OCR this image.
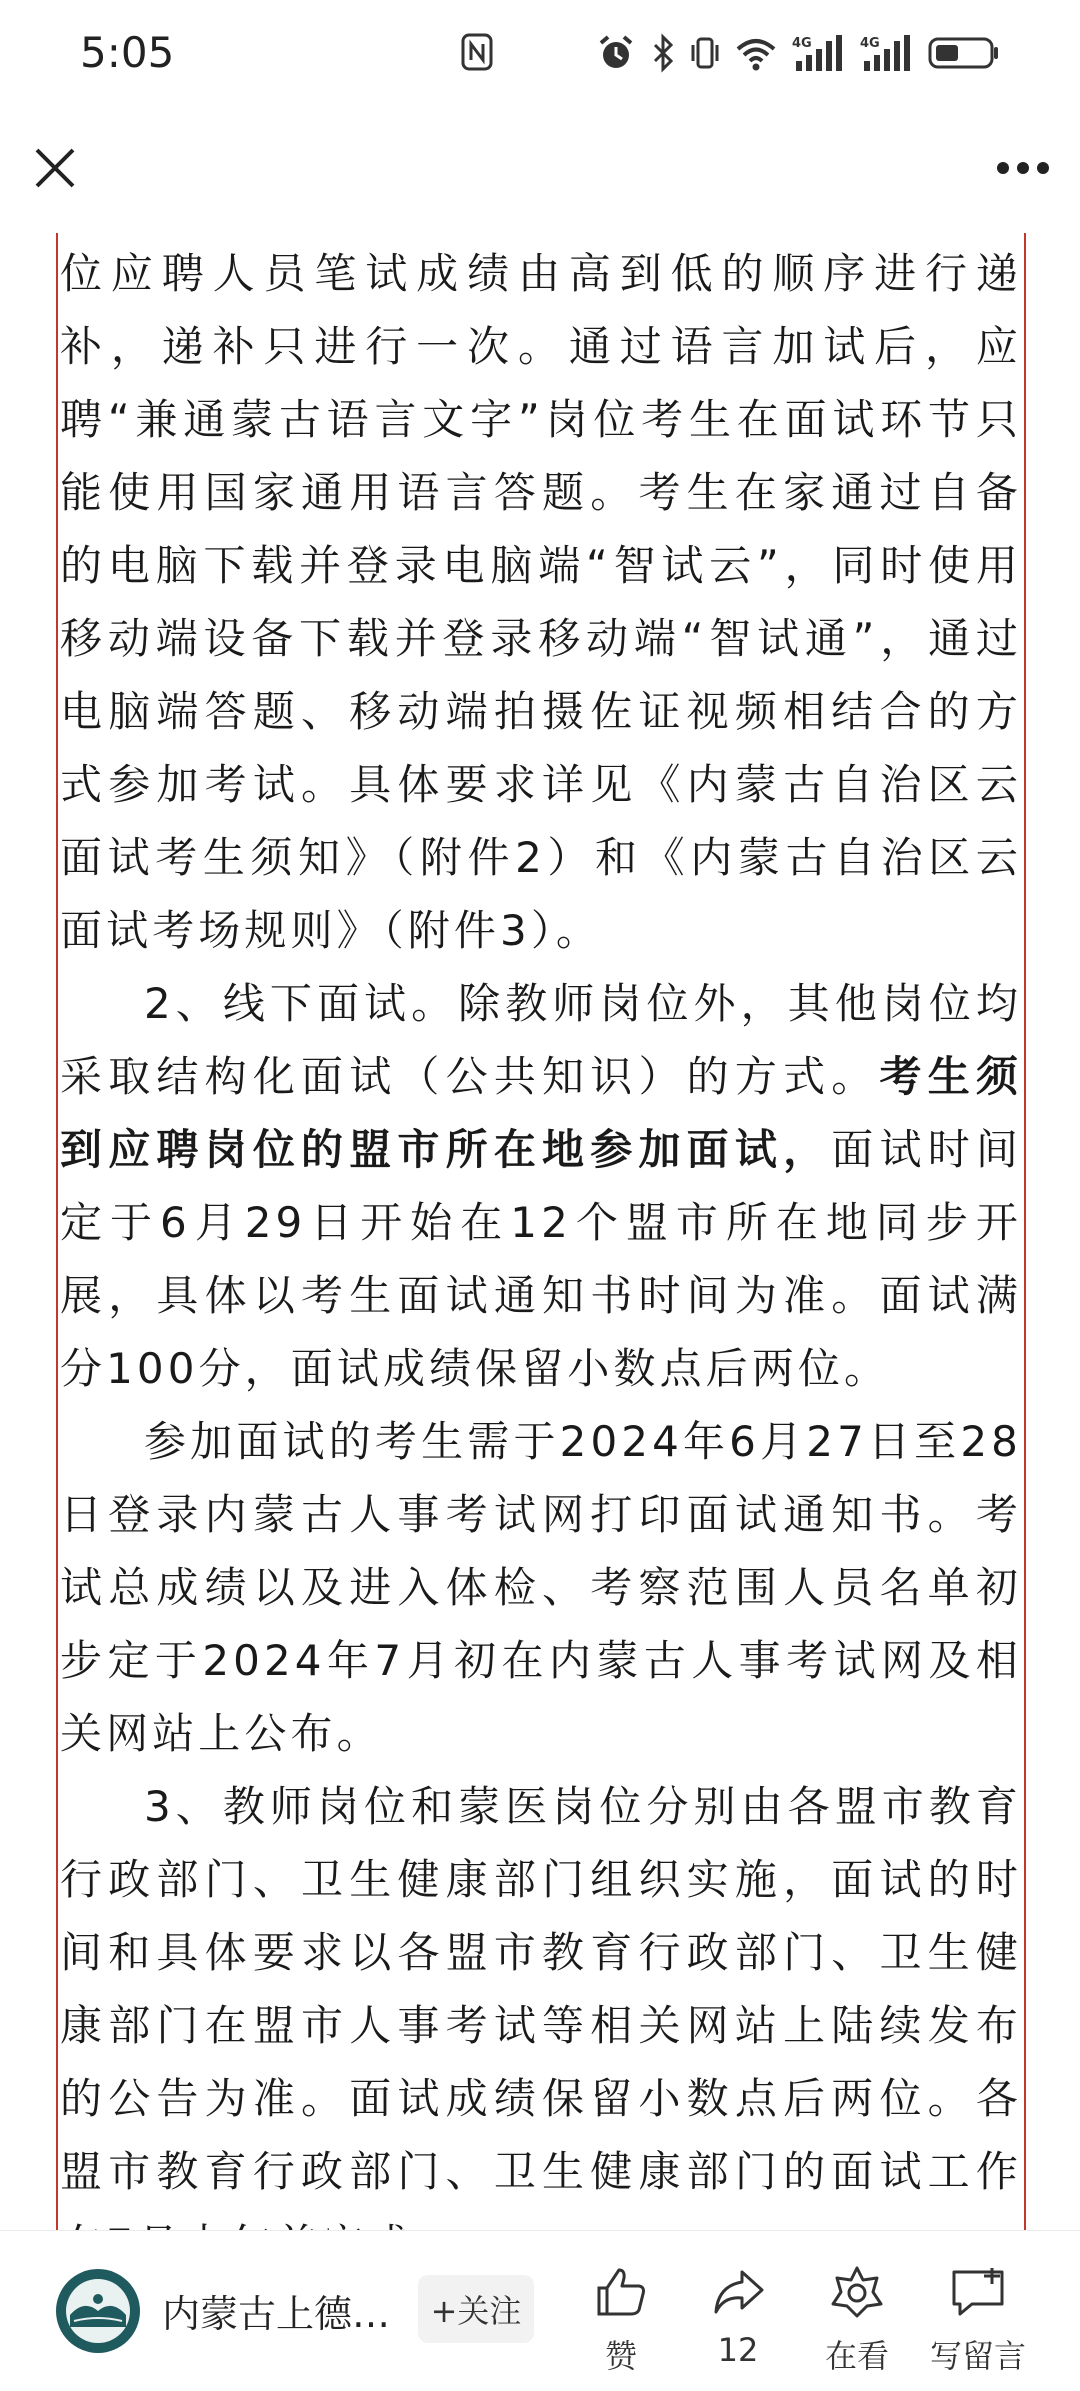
5:05	4G	4G

位应聘人员笔试成绩由高到低的顺序进行递补，递补只进行一次。通过语言加试后，应聘“兼通蒙古语言文字”岗位考生在面试环节只能使用国家通用语言答题。考生在家通过自备的电脑下载并登录电脑端“智试云”，同时使用移动端设备下载并登录移动端“智试通”，通过电脑端答题、移动端拍摄佐证视频相结合的方式参加考试。具体要求详见《内蒙古自治区云面试考生须知》（附件2）和《内蒙古自治区云面试考场规则》（附件3）。

2、线下面试。除教师岗位外，其他岗位均采取结构化面试（公共知识）的方式。考生须到应聘岗位的盟市所在地参加面试，面试时间定于6月29日开始在12个盟市所在地同步开展，具体以考生面试通知书时间为准。面试满分100分，面试成绩保留小数点后两位。

参加面试的考生需于2024年6月27日至28日登录内蒙古人事考试网打印面试通知书。考试总成绩以及进入体检、考察范围人员名单初步定于2024年7月初在内蒙古人事考试网及相关网站上公布。

3、教师岗位和蒙医岗位分别由各盟市教育行政部门、卫生健康部门组织实施，面试的时间和具体要求以各盟市教育行政部门、卫生健康部门在盟市人事考试等相关网站上陆续发布的公告为准。面试成绩保留小数点后两位。各盟市教育行政部门、卫生健康部门的面试工作

内蒙古上德…	+关注
赞	12	在看	写留言
